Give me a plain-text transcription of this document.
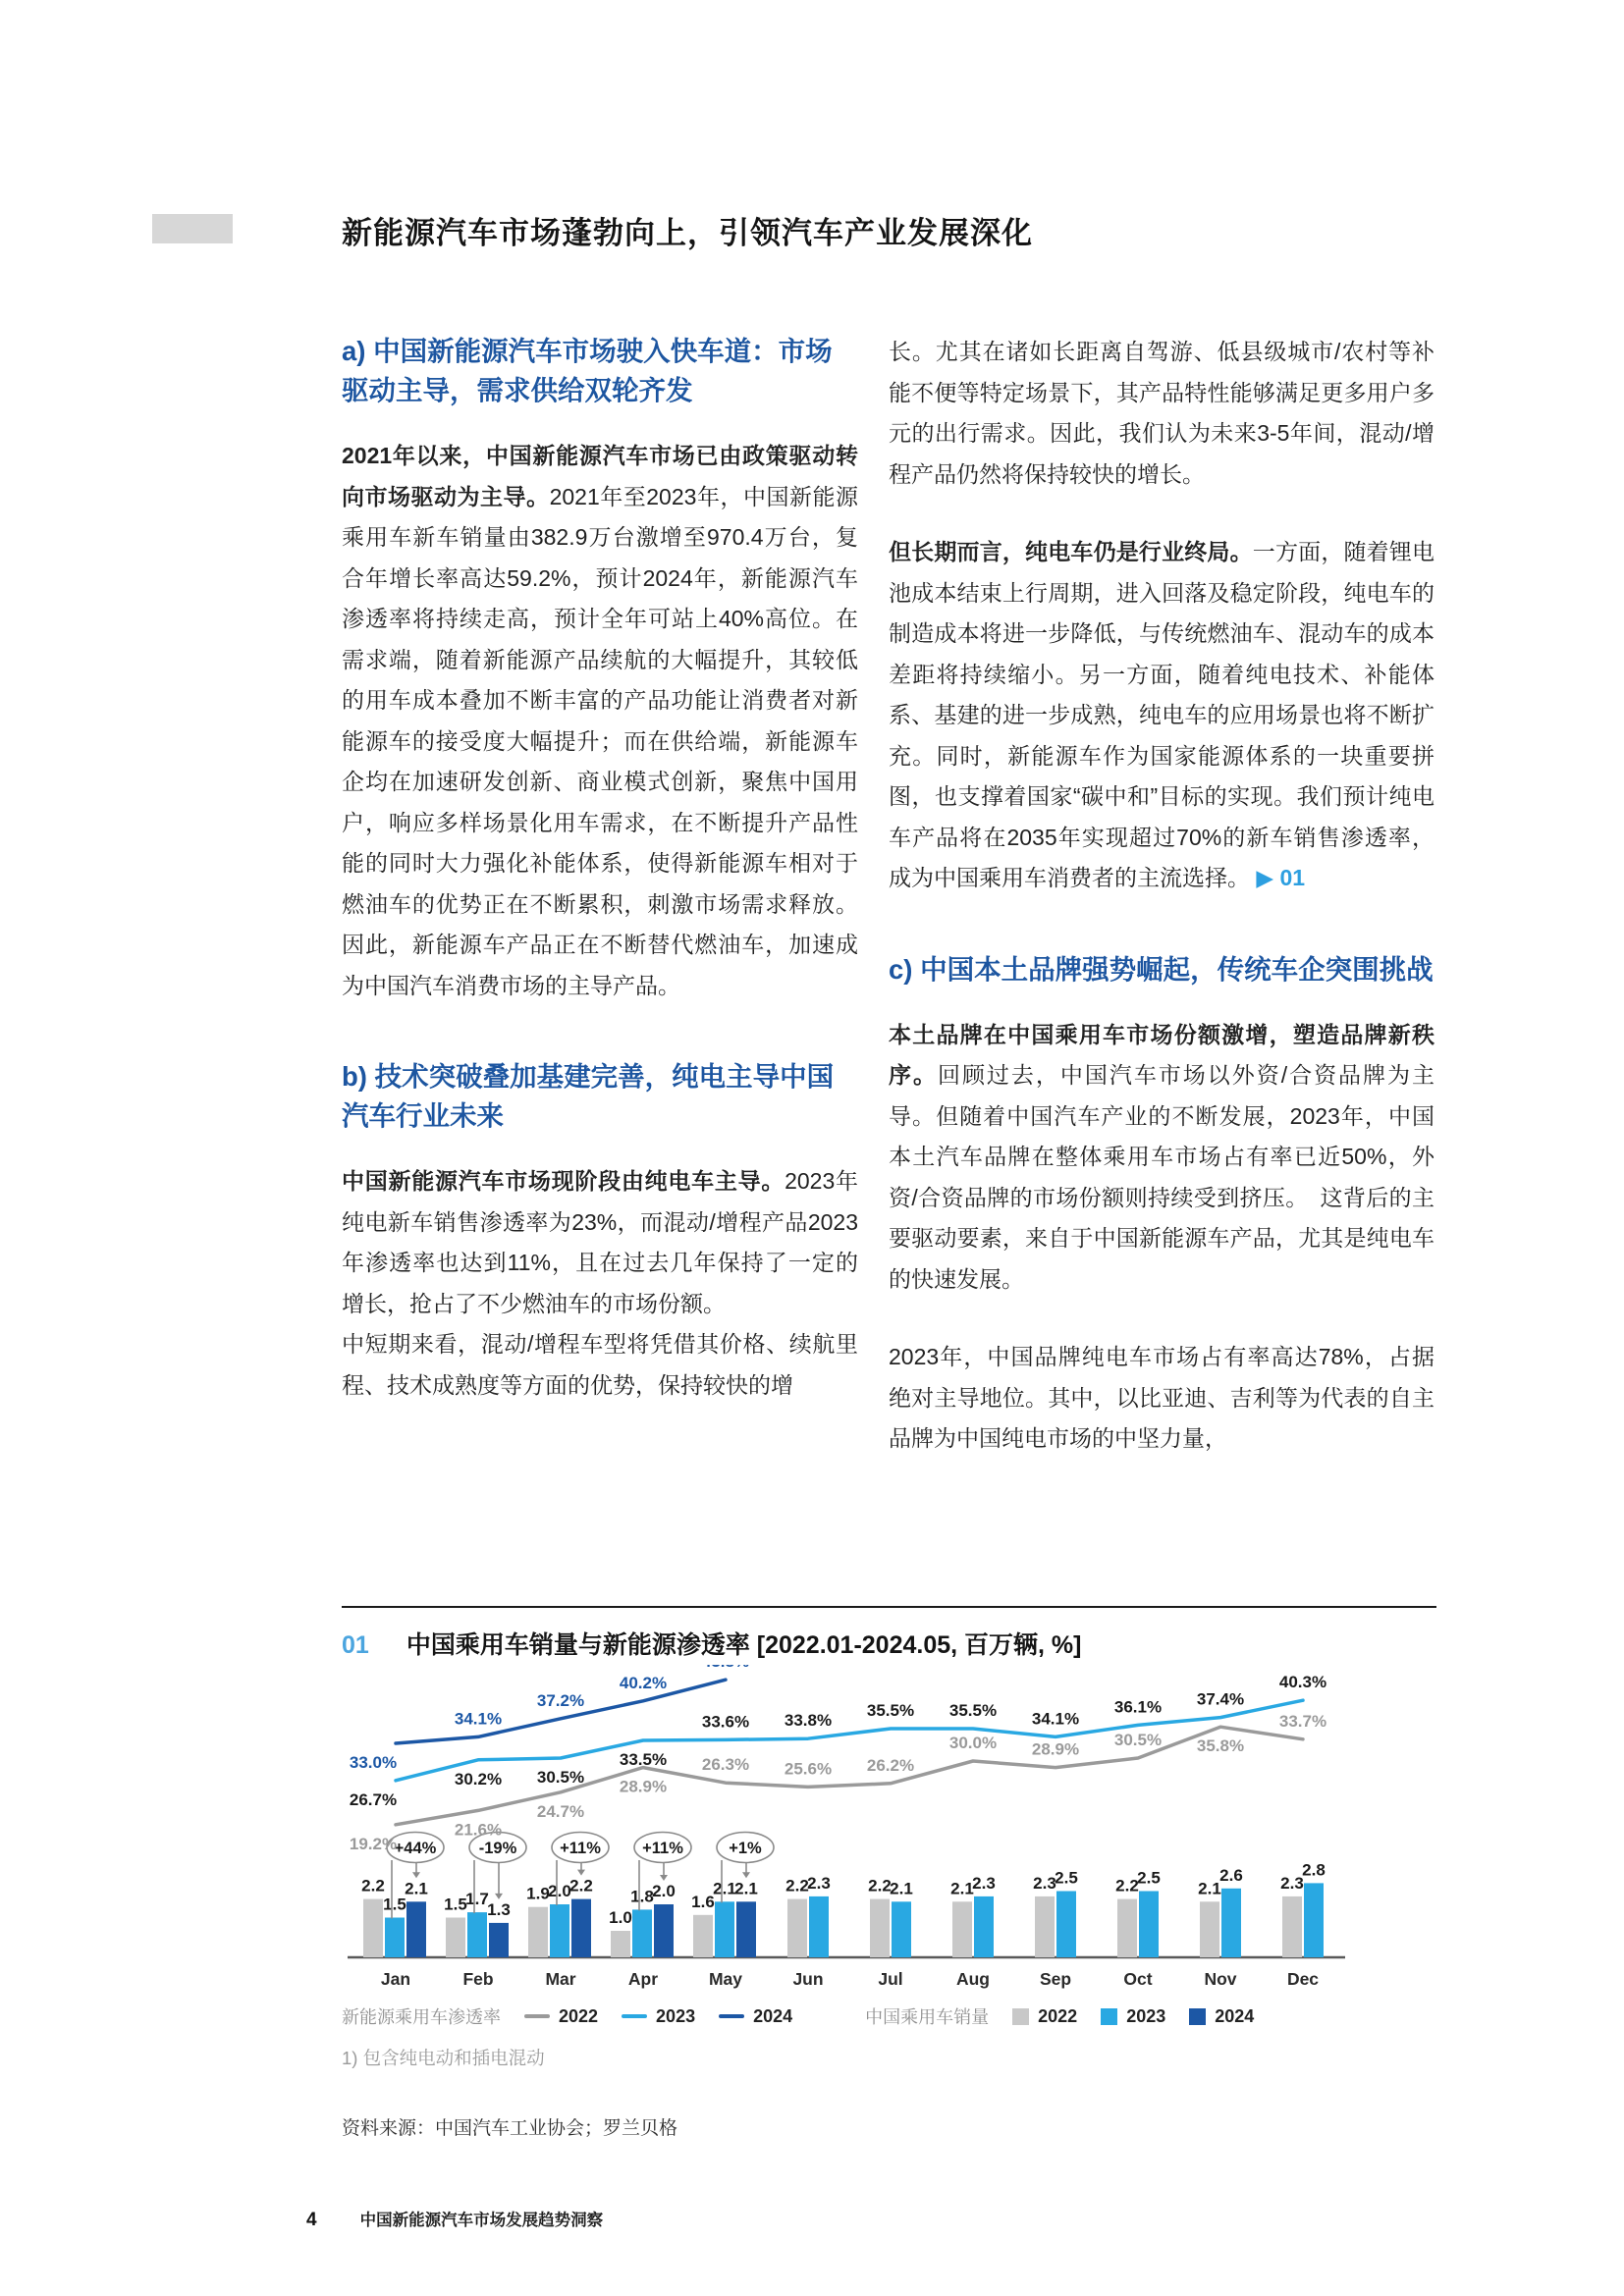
新能源汽车市场蓬勃向上，引领汽车产业发展深化
a) 中国新能源汽车市场驶入快车道：市场驱动主导，需求供给双轮齐发

2021年以来，中国新能源汽车市场已由政策驱动转向市场驱动为主导。2021年至2023年，中国新能源乘用车新车销量由382.9万台激增至970.4万台，复合年增长率高达59.2%，预计2024年，新能源汽车渗透率将持续走高，预计全年可站上40%高位。在需求端，随着新能源产品续航的大幅提升，其较低的用车成本叠加不断丰富的产品功能让消费者对新能源车的接受度大幅提升；而在供给端，新能源车企均在加速研发创新、商业模式创新，聚焦中国用户，响应多样场景化用车需求，在不断提升产品性能的同时大力强化补能体系，使得新能源车相对于燃油车的优势正在不断累积，刺激市场需求释放。因此，新能源车产品正在不断替代燃油车，加速成为中国汽车消费市场的主导产品。

b) 技术突破叠加基建完善，纯电主导中国汽车行业未来

中国新能源汽车市场现阶段由纯电车主导。2023年纯电新车销售渗透率为23%，而混动/增程产品2023年渗透率也达到11%，且在过去几年保持了一定的增长，抢占了不少燃油车的市场份额。

中短期来看，混动/增程车型将凭借其价格、续航里程、技术成熟度等方面的优势，保持较快的增

长。尤其在诸如长距离自驾游、低县级城市/农村等补能不便等特定场景下，其产品特性能够满足更多用户多元的出行需求。因此，我们认为未来3-5年间，混动/增程产品仍然将保持较快的增长。

但长期而言，纯电车仍是行业终局。一方面，随着锂电池成本结束上行周期，进入回落及稳定阶段，纯电车的制造成本将进一步降低，与传统燃油车、混动车的成本差距将持续缩小。另一方面，随着纯电技术、补能体系、基建的进一步成熟，纯电车的应用场景也将不断扩充。同时，新能源车作为国家能源体系的一块重要拼图，也支撑着国家“碳中和”目标的实现。我们预计纯电车产品将在2035年实现超过70%的新车销售渗透率，成为中国乘用车消费者的主流选择。 ▶ 01

c) 中国本土品牌强势崛起，传统车企突围挑战

本土品牌在中国乘用车市场份额激增，塑造品牌新秩序。回顾过去，中国汽车市场以外资/合资品牌为主导。但随着中国汽车产业的不断发展，2023年，中国本土汽车品牌在整体乘用车市场占有率已近50%，外资/合资品牌的市场份额则持续受到挤压。　这背后的主要驱动要素，来自于中国新能源车产品，尤其是纯电车的快速发展。

2023年，中国品牌纯电车市场占有率高达78%，占据绝对主导地位。其中，以比亚迪、吉利等为代表的自主品牌为中国纯电市场的中坚力量，

01 中国乘用车销量与新能源渗透率 [2022.01-2024.05, 百万辆, %]
2.2
1.5
2.1
Jan
1.5
1.7
1.3
Feb
1.9
2.0
2.2
Mar
1.0
1.8
2.0
Apr
1.6
2.1
2.1
May
2.2
2.3
Jun
2.2
2.1
Jul
2.1
2.3
Aug
2.3
2.5
Sep
2.2
2.5
Oct
2.1
2.6
Nov
2.3
2.8
Dec
+44%	-19%	+11%	+11%	+1%
19.2%
21.6%
24.7%
28.9%
26.3% 25.6% 26.2%
30.0% 28.9%
30.5% 35.8%
33.7%
26.7%
30.2% 30.5%
33.5%
33.6% 33.8%
35.5% 35.5% 34.1%
36.1% 37.4%
40.3%
33.0%
34.1%
37.2%
40.2%
新能源乘用车渗透率	2022	2023	2024	中国乘用车销量	2022	2023	2024
1) 包含纯电动和插电混动
资料来源：中国汽车工业协会；罗兰贝格
4	中国新能源汽车市场发展趋势洞察
